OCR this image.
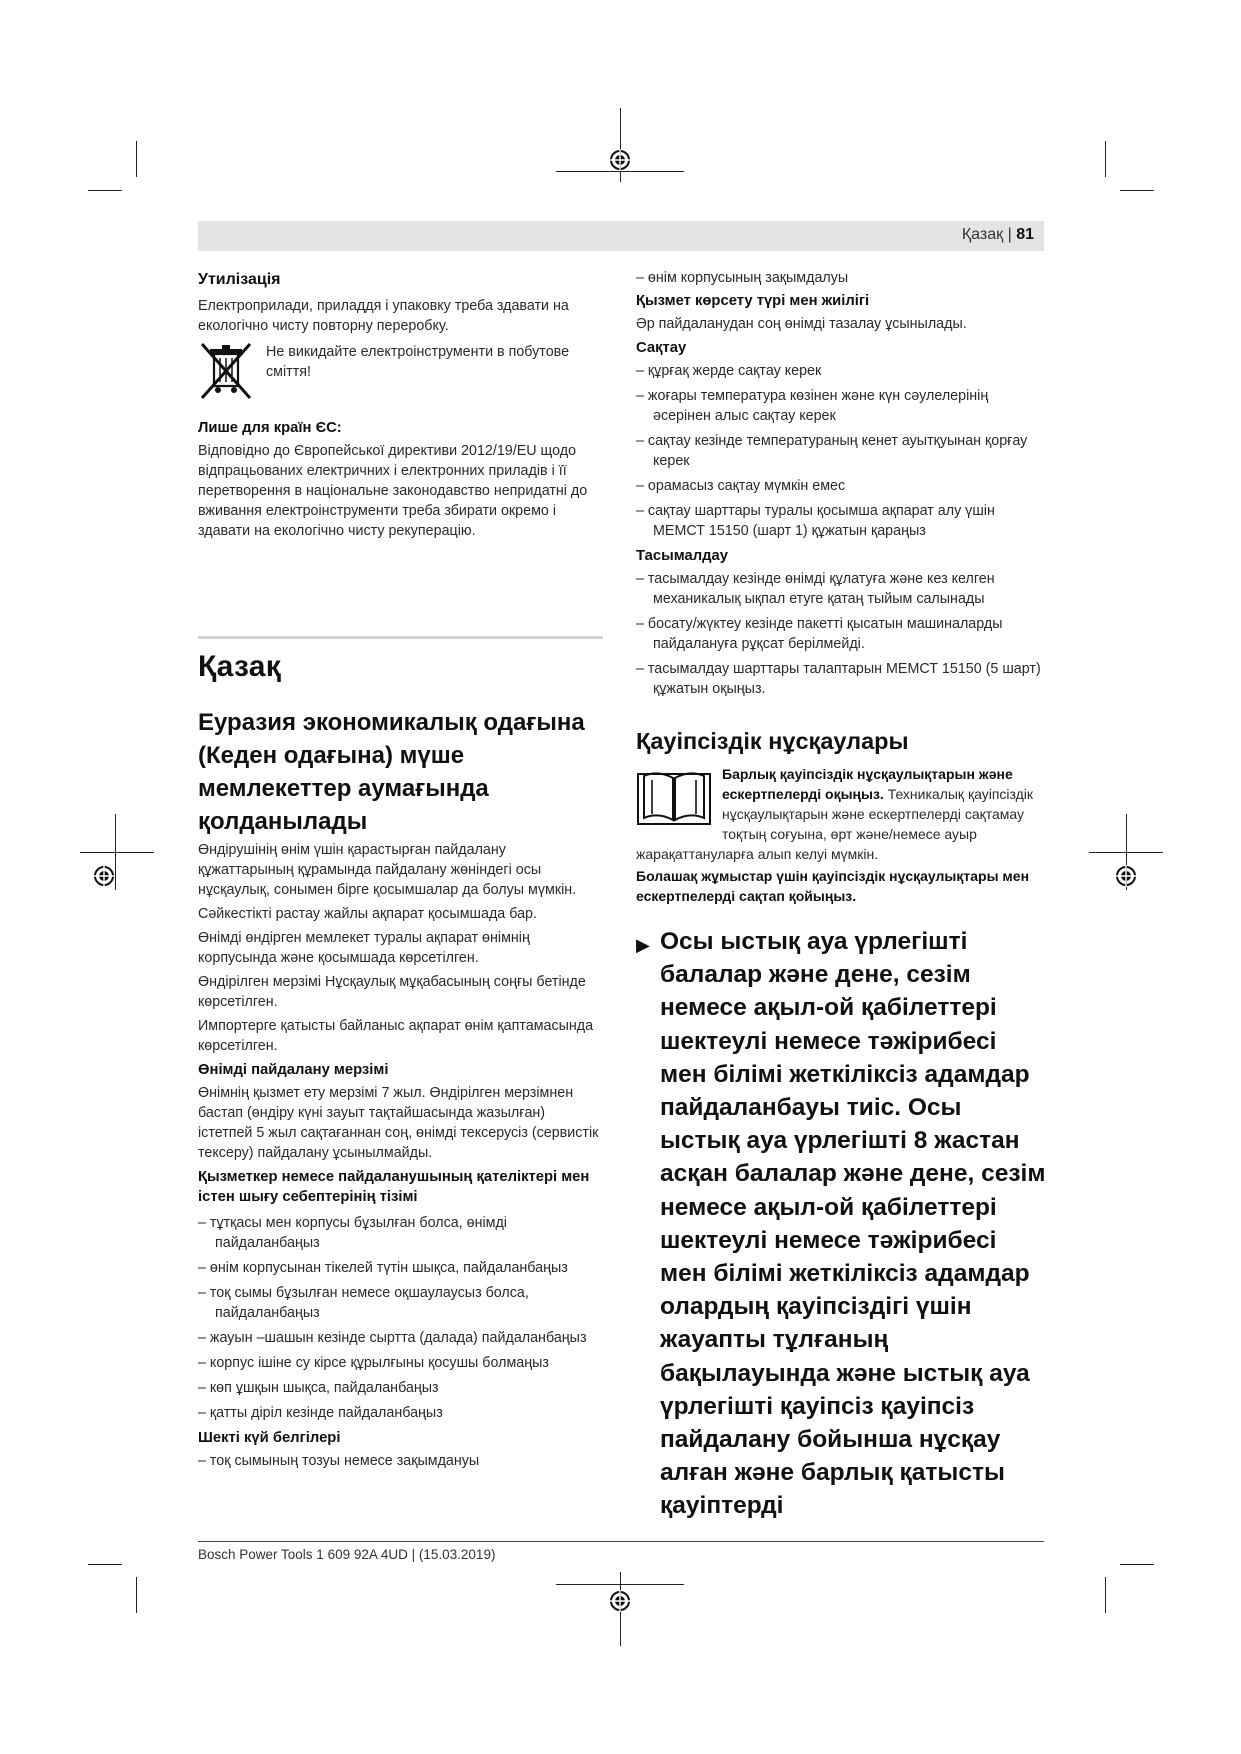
Қазақ | 81
Утилізація

Електроприлади, приладдя і упаковку треба здавати на екологічно чисту повторну переробку.

Не викидайте електроінструменти в побутове сміття!
Лише для країн ЄС:

Відповідно до Європейської директиви 2012/19/EU щодо відпрацьованих електричних і електронних приладів і її перетворення в національне законодавство непридатні до вживання електроінструменти треба збирати окремо і здавати на екологічно чисту рекуперацію.

Қазақ
Еуразия экономикалық одағына (Кеден одағына) мүше мемлекеттер аумағында қолданылады

Өндірушінің өнім үшін қарастырған пайдалану құжаттарының құрамында пайдалану жөніндегі осы нұсқаулық, сонымен бірге қосымшалар да болуы мүмкін.

Сәйкестікті растау жайлы ақпарат қосымшада бар.

Өнімді өндірген мемлекет туралы ақпарат өнімнің корпусында және қосымшада көрсетілген.

Өндірілген мерзімі Нұсқаулық мұқабасының соңғы бетінде көрсетілген.

Импортерге қатысты байланыс ақпарат өнім қаптамасында көрсетілген.

Өнімді пайдалану мерзімі

Өнімнің қызмет ету мерзімі 7 жыл. Өндірілген мерзімнен бастап (өндіру күні зауыт тақтайшасында жазылған) істетпей 5 жыл сақтағаннан соң, өнімді тексерусіз (сервистік тексеру) пайдалану ұсынылмайды.

Қызметкер немесе пайдаланушының қателіктері мен істен шығу себептерінің тізімі
– тұтқасы мен корпусы бұзылған болса, өнімді пайдаланбаңыз
– өнім корпусынан тікелей түтін шықса, пайдаланбаңыз
– тоқ сымы бұзылған немесе оқшаулаусыз болса, пайдаланбаңыз
– жауын –шашын кезінде сыртта (далада) пайдаланбаңыз
– корпус ішіне су кірсе құрылғыны қосушы болмаңыз
– көп ұшқын шықса, пайдаланбаңыз
– қатты діріл кезінде пайдаланбаңыз
Шекті күй белгілері
– тоқ сымының тозуы немесе зақымдануы
– өнім корпусының зақымдалуы
Қызмет көрсету түрі мен жиілігі

Әр пайдаланудан соң өнімді тазалау ұсынылады.

Сақтау
– құрғақ жерде сақтау керек
– жоғары температура көзінен және күн сәулелерінің әсерінен алыс сақтау керек
– сақтау кезінде температураның кенет ауытқуынан қорғау керек
– орамасыз сақтау мүмкін емес
– сақтау шарттары туралы қосымша ақпарат алу үшін МЕМСТ 15150 (шарт 1) құжатын қараңыз
Тасымалдау
– тасымалдау кезінде өнімді құлатуға және кез келген механикалық ықпал етуге қатаң тыйым салынады
– босату/жүктеу кезінде пакетті қысатын машиналарды пайдалануға рұқсат берілмейді.
– тасымалдау шарттары талаптарын МЕМСТ 15150 (5 шарт) құжатын оқыңыз.
Қауіпсіздік нұсқаулары
Барлық қауіпсіздік нұсқаулықтарын және ескертпелерді оқыңыз. Техникалық қауіпсіздік нұсқаулықтарын және ескертпелерді сақтамау тоқтың соғуына, өрт және/немесе ауыр жарақаттануларға алып келуі мүмкін.
Болашақ жұмыстар үшін қауіпсіздік нұсқаулықтары мен ескертпелерді сақтап қойыңыз.
▶ Осы ыстық ауа үрлегішті балалар және дене, сезім немесе ақыл-ой қабілеттері шектеулі немесе тәжірибесі мен білімі жеткіліксіз адамдар пайдаланбауы тиіс. Осы ыстық ауа үрлегішті 8 жастан асқан балалар және дене, сезім немесе ақыл-ой қабілеттері шектеулі немесе тәжірибесі мен білімі жеткіліксіз адамдар олардың қауіпсіздігі үшін жауапты тұлғаның бақылауында және ыстық ауа үрлегішті қауіпсіз қауіпсіз пайдалану бойынша нұсқау алған және барлық қатысты қауіптерді
Bosch Power Tools 1 609 92A 4UD | (15.03.2019)
